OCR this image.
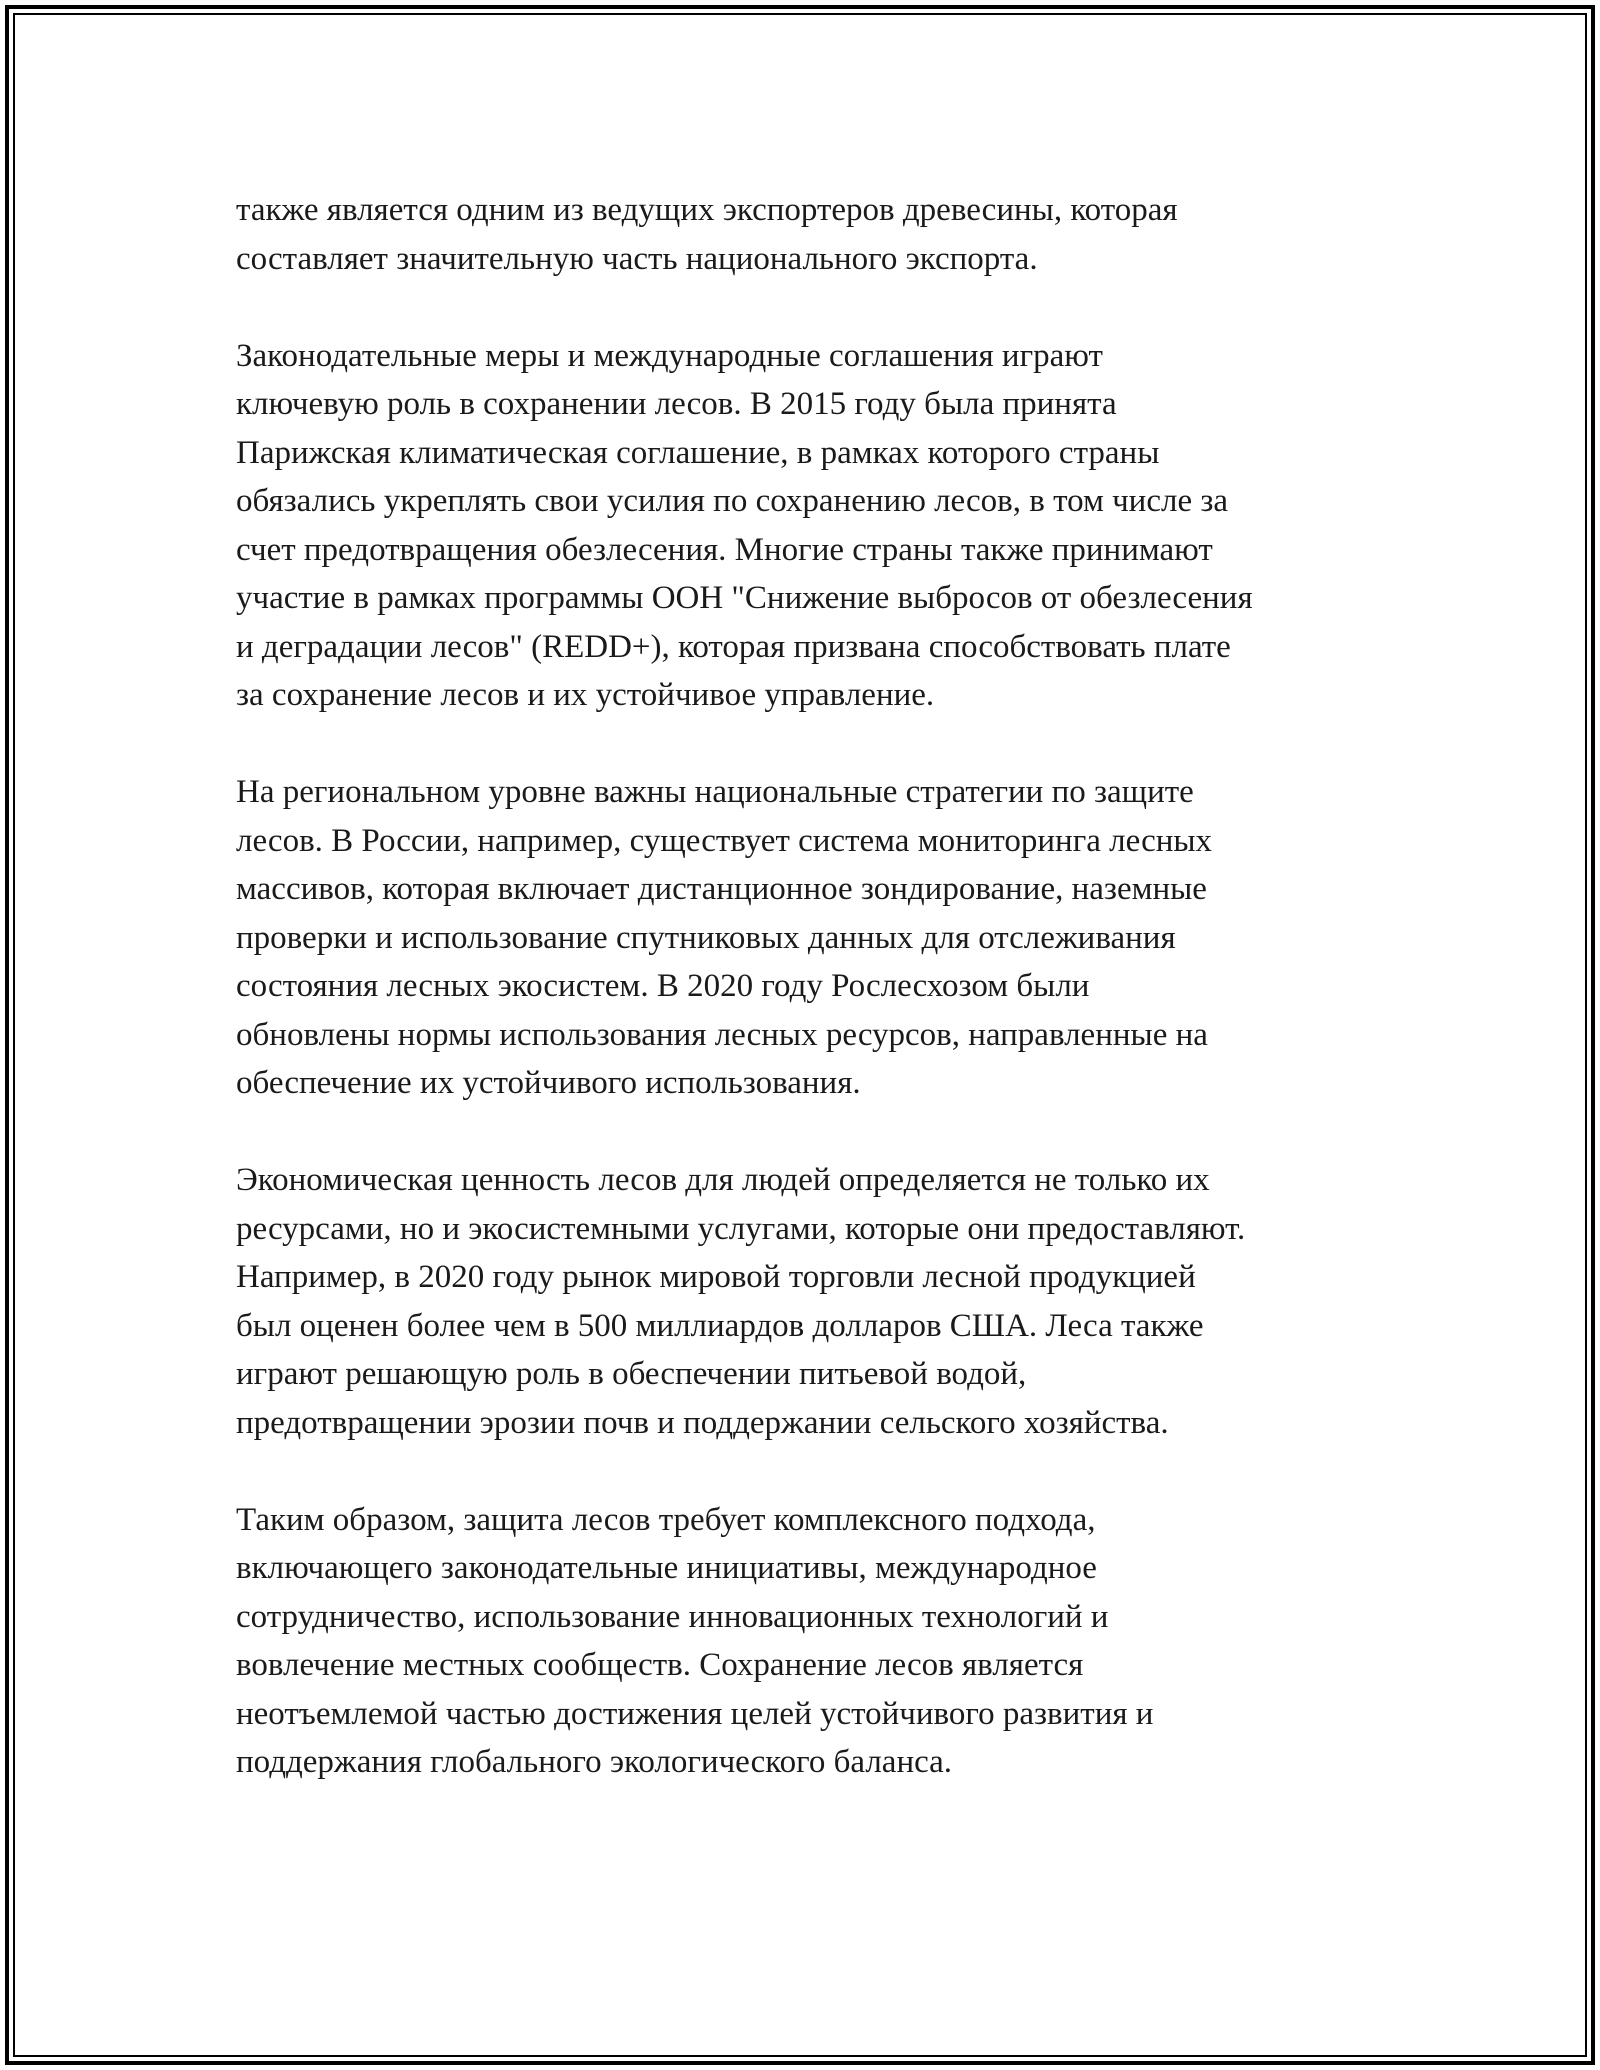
также является одним из ведущих экспортеров древесины, которая
составляет значительную часть национального экспорта.

Законодательные меры и международные соглашения играют
ключевую роль в сохранении лесов. В 2015 году была принята
Парижская климатическая соглашение, в рамках которого страны
обязались укреплять свои усилия по сохранению лесов, в том числе за
счет предотвращения обезлесения. Многие страны также принимают
участие в рамках программы ООН "Снижение выбросов от обезлесения
и деградации лесов" (REDD+), которая призвана способствовать плате
за сохранение лесов и их устойчивое управление.

На региональном уровне важны национальные стратегии по защите
лесов. В России, например, существует система мониторинга лесных
массивов, которая включает дистанционное зондирование, наземные
проверки и использование спутниковых данных для отслеживания
состояния лесных экосистем. В 2020 году Рослесхозом были
обновлены нормы использования лесных ресурсов, направленные на
обеспечение их устойчивого использования.

Экономическая ценность лесов для людей определяется не только их
ресурсами, но и экосистемными услугами, которые они предоставляют.
Например, в 2020 году рынок мировой торговли лесной продукцией
был оценен более чем в 500 миллиардов долларов США. Леса также
играют решающую роль в обеспечении питьевой водой,
предотвращении эрозии почв и поддержании сельского хозяйства.

Таким образом, защита лесов требует комплексного подхода,
включающего законодательные инициативы, международное
сотрудничество, использование инновационных технологий и
вовлечение местных сообществ. Сохранение лесов является
неотъемлемой частью достижения целей устойчивого развития и
поддержания глобального экологического баланса.
